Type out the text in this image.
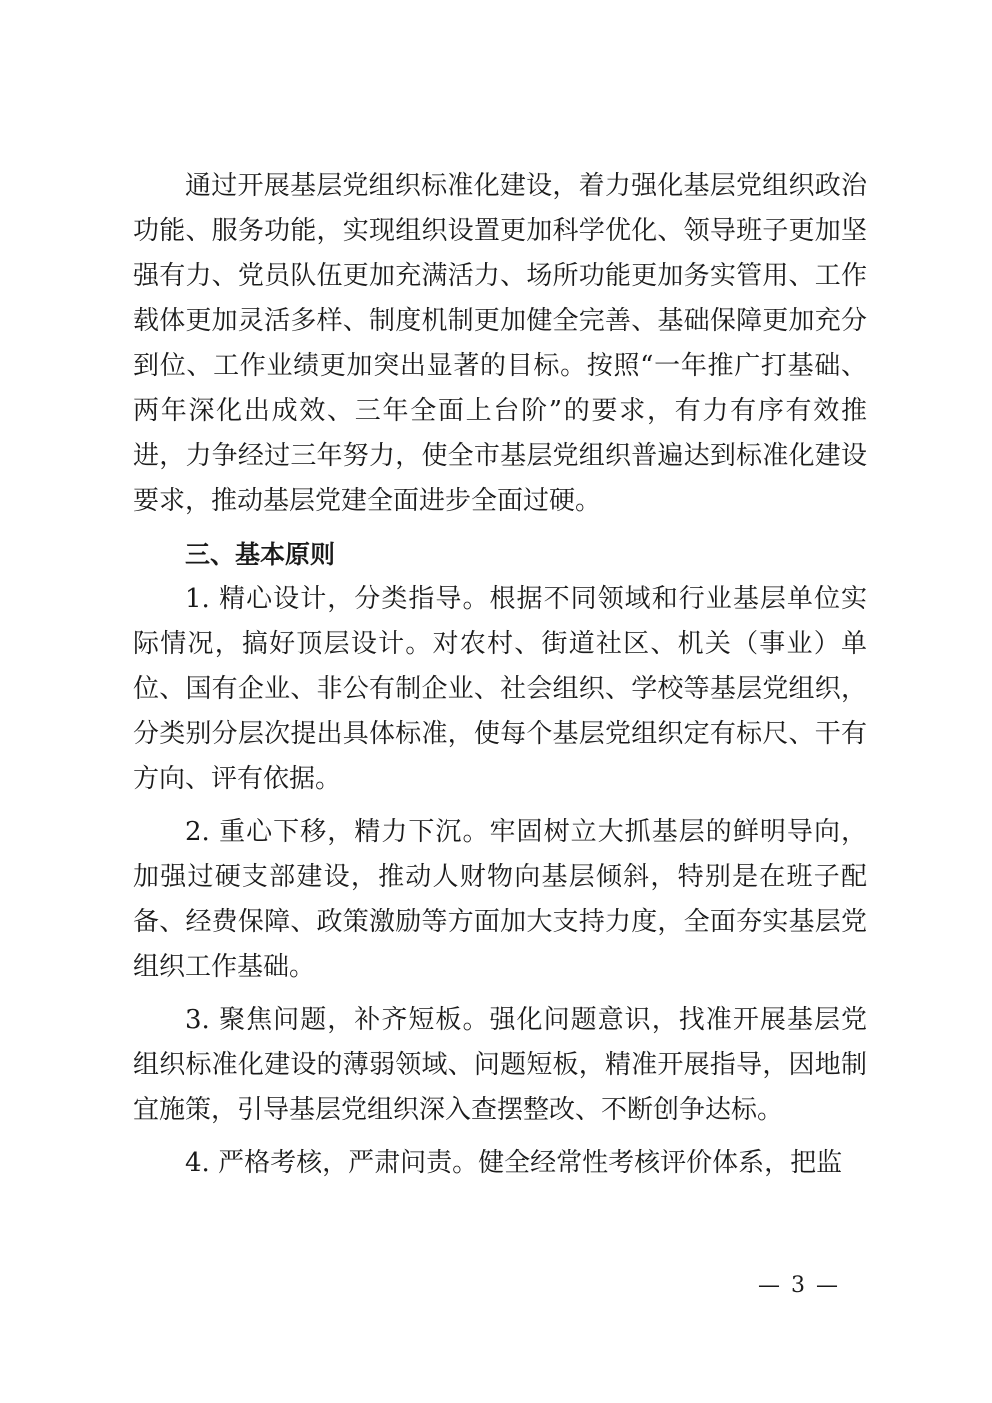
通过开展基层党组织标准化建设，着力强化基层党组织政治功能、服务功能，实现组织设置更加科学优化、领导班子更加坚强有力、党员队伍更加充满活力、场所功能更加务实管用、工作载体更加灵活多样、制度机制更加健全完善、基础保障更加充分到位、工作业绩更加突出显著的目标。按照“一年推广打基础、两年深化出成效、三年全面上台阶”的要求，有力有序有效推进，力争经过三年努力，使全市基层党组织普遍达到标准化建设要求，推动基层党建全面进步全面过硬。

三、基本原则

1. 精心设计，分类指导。根据不同领域和行业基层单位实际情况，搞好顶层设计。对农村、街道社区、机关（事业）单位、国有企业、非公有制企业、社会组织、学校等基层党组织，分类别分层次提出具体标准，使每个基层党组织定有标尺、干有方向、评有依据。

2. 重心下移，精力下沉。牢固树立大抓基层的鲜明导向，加强过硬支部建设，推动人财物向基层倾斜，特别是在班子配备、经费保障、政策激励等方面加大支持力度，全面夯实基层党组织工作基础。

3. 聚焦问题，补齐短板。强化问题意识，找准开展基层党组织标准化建设的薄弱领域、问题短板，精准开展指导，因地制宜施策，引导基层党组织深入查摆整改、不断创争达标。

4. 严格考核，严肃问责。健全经常性考核评价体系，把监

— 3 —
